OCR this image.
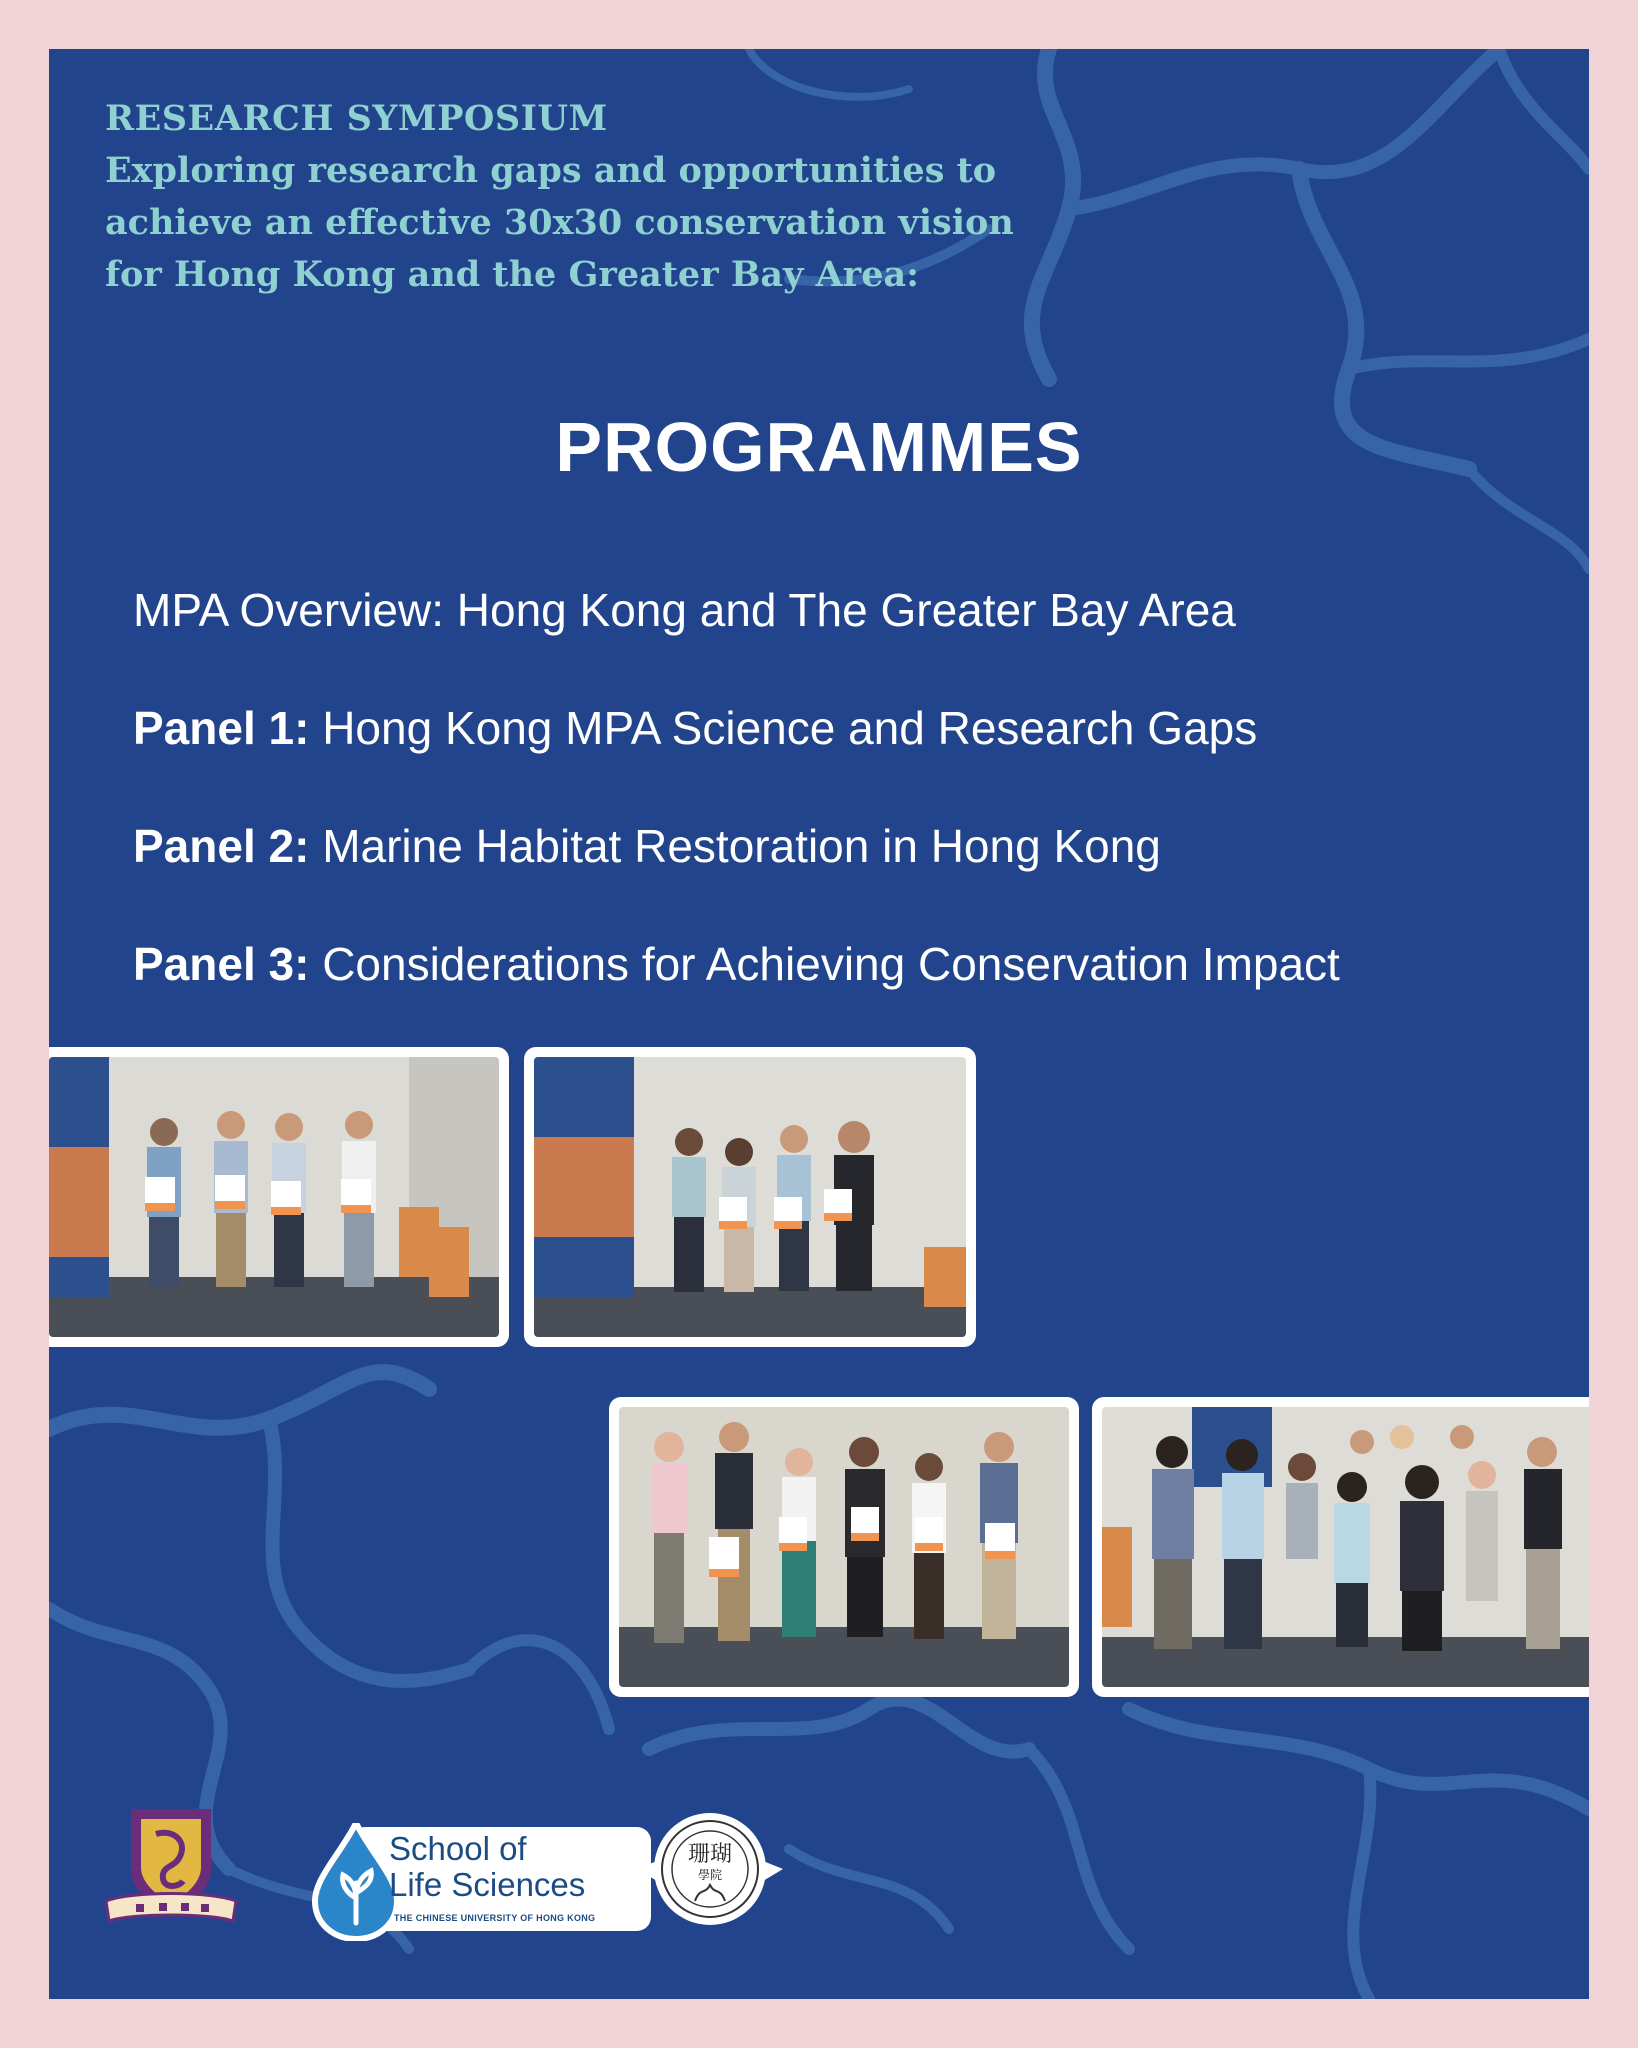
RESEARCH SYMPOSIUM
Exploring research gaps and opportunities to
achieve an effective 30x30 conservation vision
for Hong Kong and the Greater Bay Area:
PROGRAMMES
MPA Overview: Hong Kong and The Greater Bay Area
Panel 1: Hong Kong MPA Science and Research Gaps
Panel 2: Marine Habitat Restoration in Hong Kong
Panel 3: Considerations for Achieving Conservation Impact
School of
Life Sciences
THE CHINESE UNIVERSITY OF HONG KONG
珊瑚
學院
